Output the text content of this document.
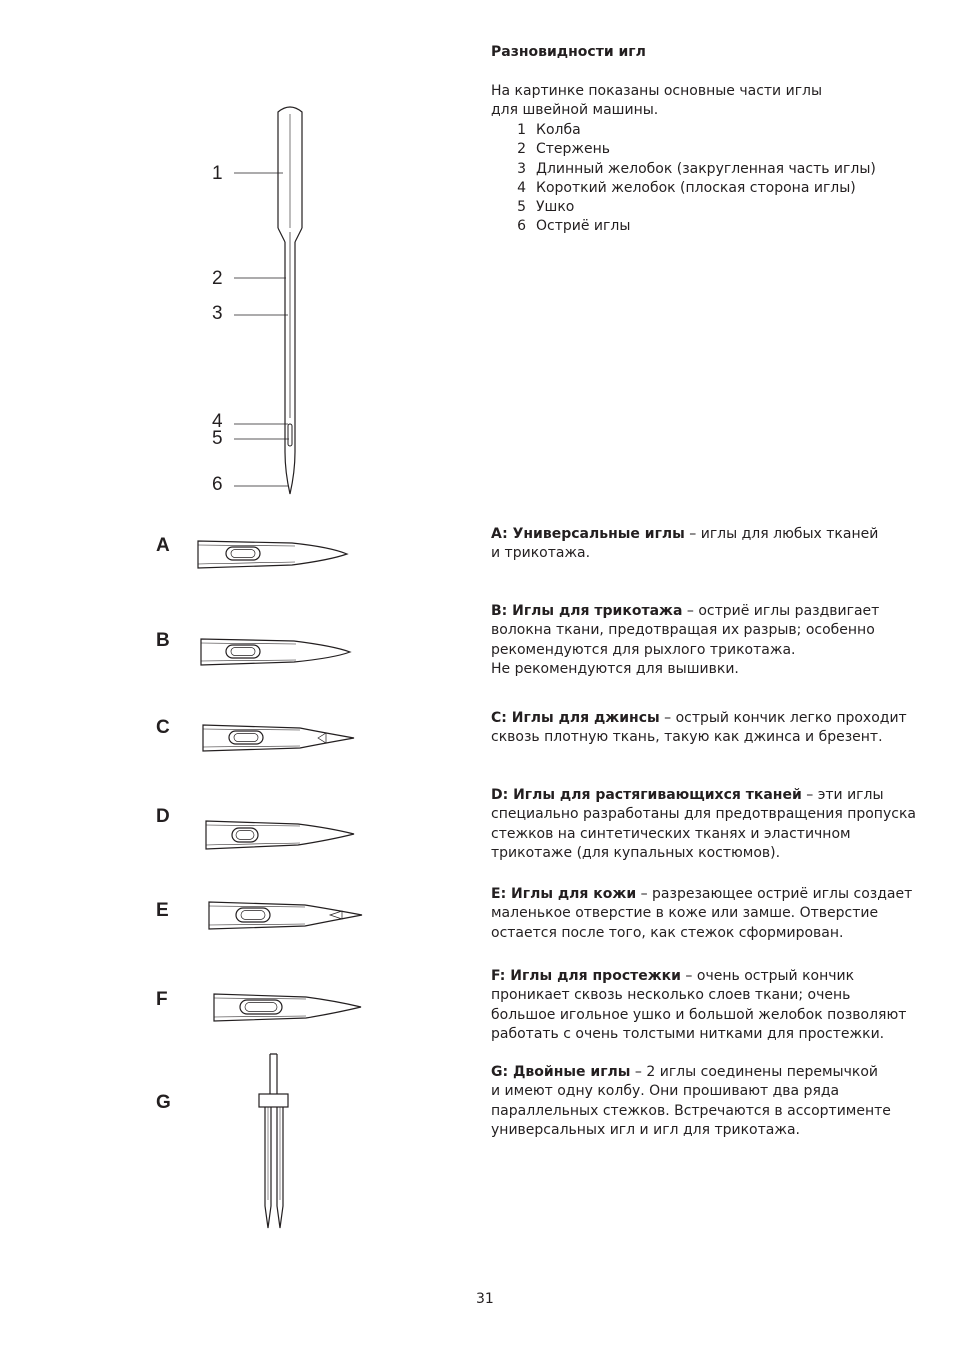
Разновидности игл
На картинке показаны основные части иглы для швейной машины.
1 Колба
2 Стержень
3 Длинный желобок (закругленная часть иглы)
4 Короткий желобок (плоская сторона иглы)
5 Ушко
6 Остриё иглы
1
2
3
4
5
6
A
B
C
D
E
F
G
A: Универсальные иглы – иглы для любых тканей
и трикотажа.
B: Иглы для трикотажа – остриё иглы раздвигает
волокна ткани, предотвращая их разрыв; особенно
рекомендуются для рыхлого трикотажа.
Не рекомендуются для вышивки.
C: Иглы для джинсы – острый кончик легко проходит
сквозь плотную ткань, такую как джинса и брезент.
D: Иглы для растягивающихся тканей – эти иглы
специально разработаны для предотвращения пропуска
стежков на синтетических тканях и эластичном
трикотаже (для купальных костюмов).
E: Иглы для кожи – разрезающее остриё иглы создает
маленькое отверстие в коже или замше. Отверстие
остается после того, как стежок сформирован.
F: Иглы для простежки – очень острый кончик
проникает сквозь несколько слоев ткани; очень
большое игольное ушко и большой желобок позволяют
работать с очень толстыми нитками для простежки.
G: Двойные иглы – 2 иглы соединены перемычкой
и имеют одну колбу. Они прошивают два ряда
параллельных стежков. Встречаются в ассортименте
универсальных игл и игл для трикотажа.
31
